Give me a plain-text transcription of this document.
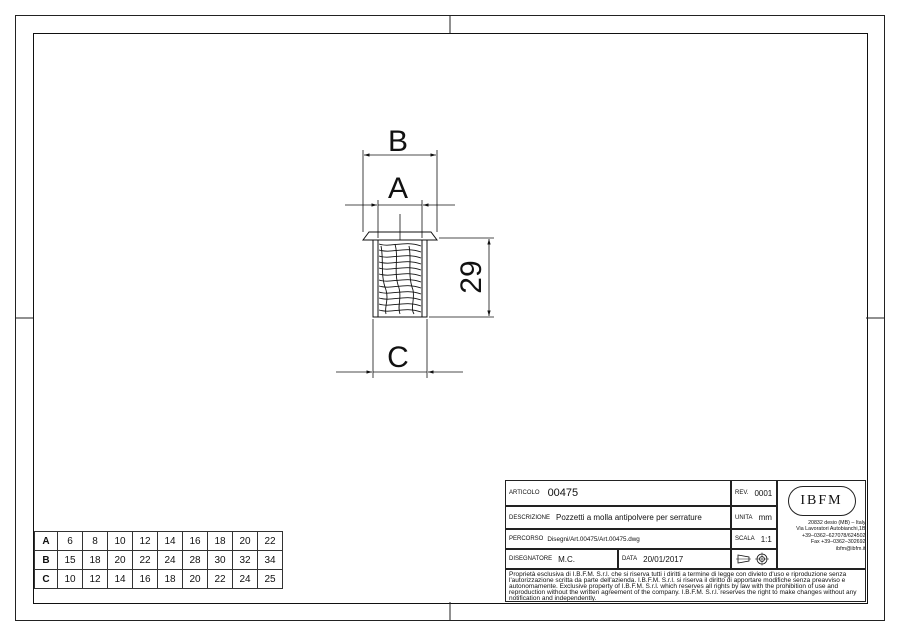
B
A
29
C
A	6	8	10	12	14	16	18	20	22
B	15	18	20	22	24	28	30	32	34
C	10	12	14	16	18	20	22	24	25
ARTICOLO 00475	REV. 0001
DESCRIZIONE Pozzetti a molla antipolvere per serrature	UNITA mm
PERCORSO Disegni/Art.00475/Art.00475.dwg	SCALA 1:1
DISEGNATORE M.C.	DATA 20/01/2017
IBFM
20832 desio (MB) – Italy
Via Lavoratori Autobianchi,1B
+39–0362–627078/624502
Fax +39–0362–302692
ibfm@ibfm.it
Proprietà esclusiva di I.B.F.M. S.r.l. che si riserva tutti i diritti a termine di legge con divieto d'uso e riproduzione senza l'autorizzazione scritta da parte dell'azienda. I.B.F.M. S.r.l. si riserva il diritto di apportare modifiche senza preavviso e autonomamente. Exclusive property of I.B.F.M. S.r.l. which reserves all rights by law with the prohibition of use and reproduction without the written agreement of the company. I.B.F.M. S.r.l. reserves the right to make changes without any notification and independently.
